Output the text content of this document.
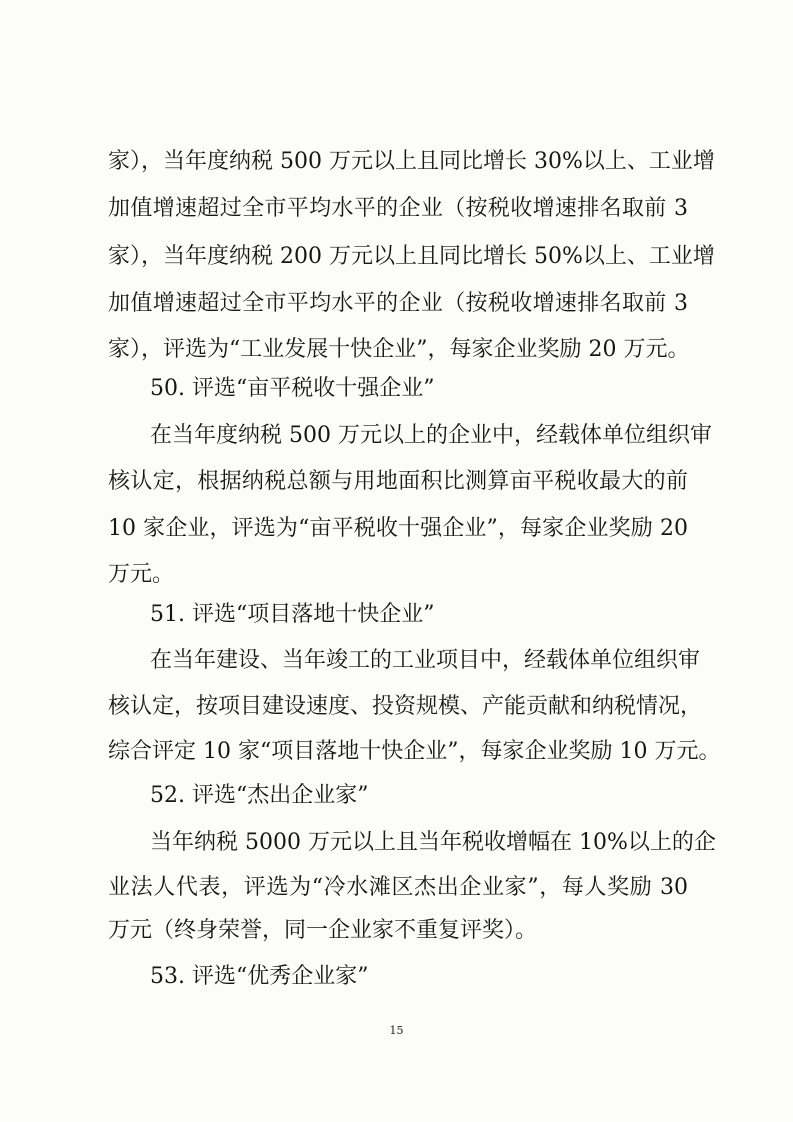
家），当年度纳税 500 万元以上且同比增长 30%以上、工业增
加值增速超过全市平均水平的企业（按税收增速排名取前 3
家），当年度纳税 200 万元以上且同比增长 50%以上、工业增
加值增速超过全市平均水平的企业（按税收增速排名取前 3
家），评选为“工业发展十快企业”，每家企业奖励 20 万元。
50. 评选“亩平税收十强企业”
在当年度纳税 500 万元以上的企业中，经载体单位组织审
核认定，根据纳税总额与用地面积比测算亩平税收最大的前
10 家企业，评选为“亩平税收十强企业”，每家企业奖励 20
万元。
51. 评选“项目落地十快企业”
在当年建设、当年竣工的工业项目中，经载体单位组织审
核认定，按项目建设速度、投资规模、产能贡献和纳税情况，
综合评定 10 家“项目落地十快企业”，每家企业奖励 10 万元。
52. 评选“杰出企业家”
当年纳税 5000 万元以上且当年税收增幅在 10%以上的企
业法人代表，评选为“冷水滩区杰出企业家”，每人奖励 30
万元（终身荣誉，同一企业家不重复评奖）。
53. 评选“优秀企业家”
15
